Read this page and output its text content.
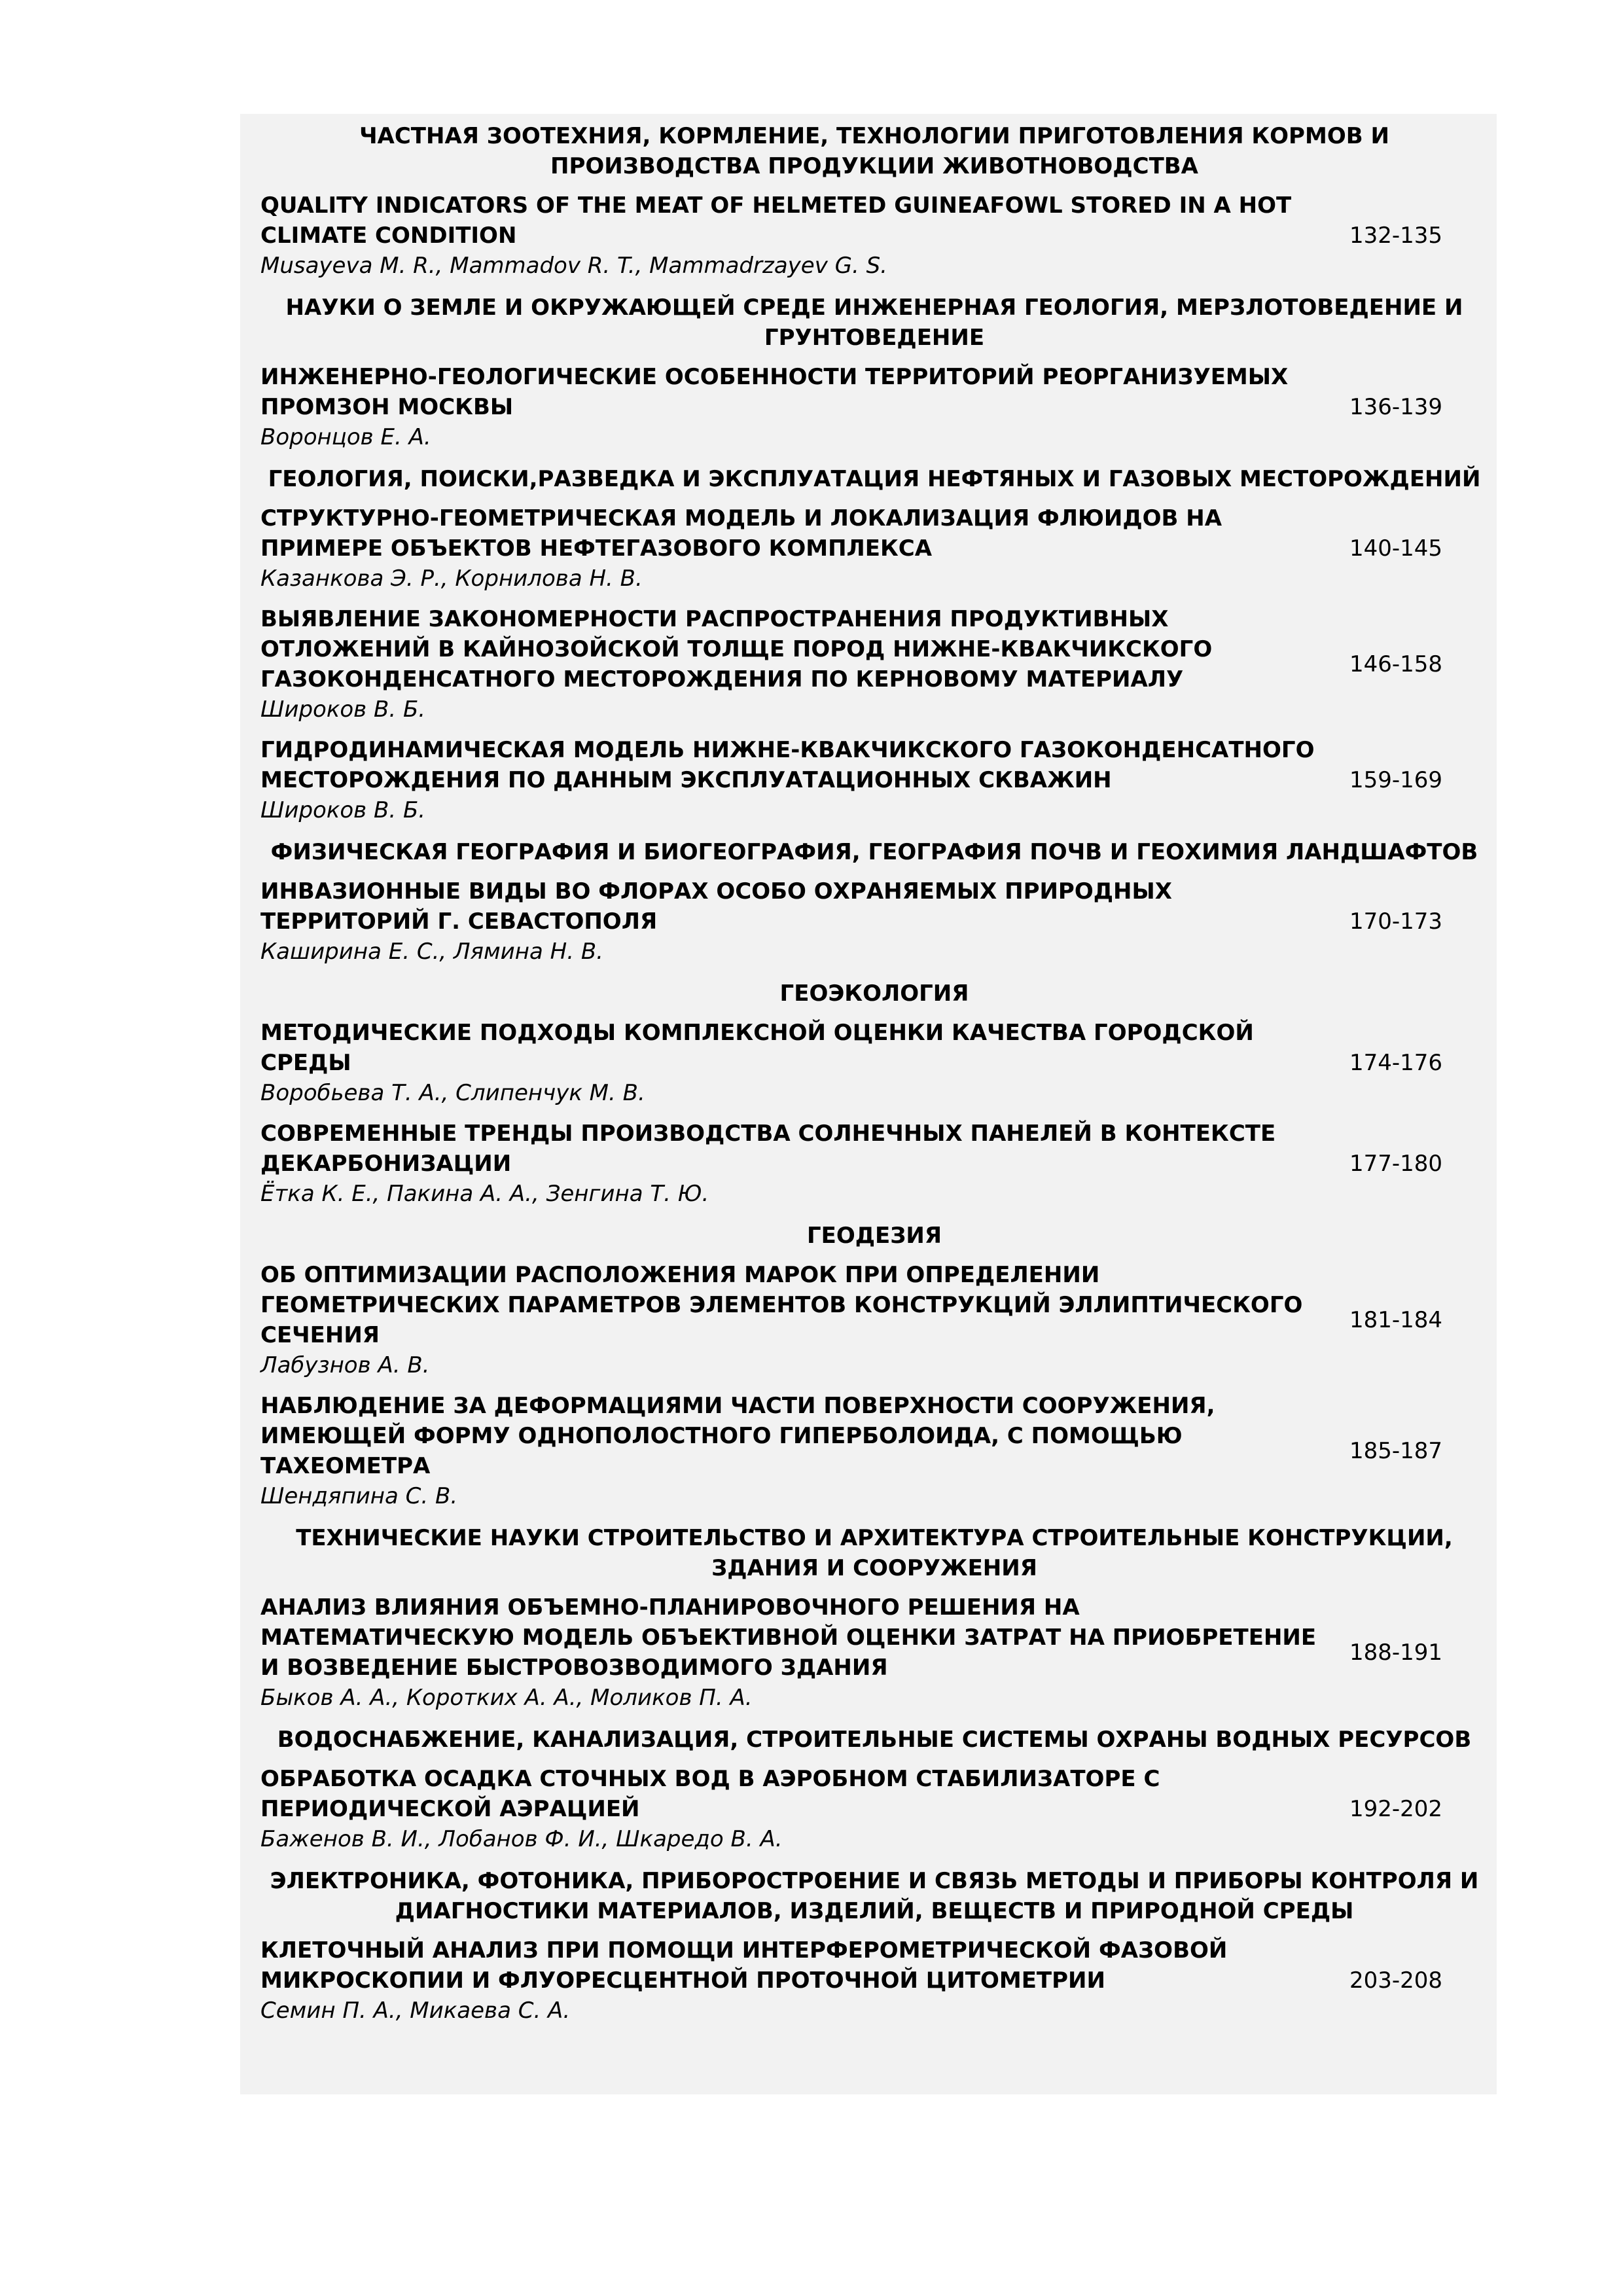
ЧАСТНАЯ ЗООТЕХНИЯ, КОРМЛЕНИЕ, ТЕХНОЛОГИИ ПРИГОТОВЛЕНИЯ КОРМОВ И ПРОИЗВОДСТВА ПРОДУКЦИИ ЖИВОТНОВОДСТВА
QUALITY INDICATORS OF THE MEAT OF HELMETED GUINEAFOWL STORED IN A HOT CLIMATE CONDITION
Musayeva M. R., Mammadov R. T., Mammadrzayev G. S.
132-135
НАУКИ О ЗЕМЛЕ И ОКРУЖАЮЩЕЙ СРЕДЕ ИНЖЕНЕРНАЯ ГЕОЛОГИЯ, МЕРЗЛОТОВЕДЕНИЕ И ГРУНТОВЕДЕНИЕ
ИНЖЕНЕРНО-ГЕОЛОГИЧЕСКИЕ ОСОБЕННОСТИ ТЕРРИТОРИЙ РЕОРГАНИЗУЕМЫХ ПРОМЗОН МОСКВЫ
Воронцов Е. А.
136-139
ГЕОЛОГИЯ, ПОИСКИ,РАЗВЕДКА И ЭКСПЛУАТАЦИЯ НЕФТЯНЫХ И ГАЗОВЫХ МЕСТОРОЖДЕНИЙ
СТРУКТУРНО-ГЕОМЕТРИЧЕСКАЯ МОДЕЛЬ И ЛОКАЛИЗАЦИЯ ФЛЮИДОВ НА ПРИМЕРЕ ОБЪЕКТОВ НЕФТЕГАЗОВОГО КОМПЛЕКСА
Казанкова Э. Р., Корнилова Н. В.
140-145
ВЫЯВЛЕНИЕ ЗАКОНОМЕРНОСТИ РАСПРОСТРАНЕНИЯ ПРОДУКТИВНЫХ ОТЛОЖЕНИЙ В КАЙНОЗОЙСКОЙ ТОЛЩЕ ПОРОД НИЖНЕ-КВАКЧИКСКОГО ГАЗОКОНДЕНСАТНОГО МЕСТОРОЖДЕНИЯ ПО КЕРНОВОМУ МАТЕРИАЛУ
Широков В. Б.
146-158
ГИДРОДИНАМИЧЕСКАЯ МОДЕЛЬ НИЖНЕ-КВАКЧИКСКОГО ГАЗОКОНДЕНСАТНОГО МЕСТОРОЖДЕНИЯ ПО ДАННЫМ ЭКСПЛУАТАЦИОННЫХ СКВАЖИН
Широков В. Б.
159-169
ФИЗИЧЕСКАЯ ГЕОГРАФИЯ И БИОГЕОГРАФИЯ, ГЕОГРАФИЯ ПОЧВ И ГЕОХИМИЯ ЛАНДШАФТОВ
ИНВАЗИОННЫЕ ВИДЫ ВО ФЛОРАХ ОСОБО ОХРАНЯЕМЫХ ПРИРОДНЫХ ТЕРРИТОРИЙ Г. СЕВАСТОПОЛЯ
Каширина Е. С., Лямина Н. В.
170-173
ГЕОЭКОЛОГИЯ
МЕТОДИЧЕСКИЕ ПОДХОДЫ КОМПЛЕКСНОЙ ОЦЕНКИ КАЧЕСТВА ГОРОДСКОЙ СРЕДЫ
Воробьева Т. А., Слипенчук М. В.
174-176
СОВРЕМЕННЫЕ ТРЕНДЫ ПРОИЗВОДСТВА СОЛНЕЧНЫХ ПАНЕЛЕЙ В КОНТЕКСТЕ ДЕКАРБОНИЗАЦИИ
Ётка К. Е., Пакина А. А., Зенгина Т. Ю.
177-180
ГЕОДЕЗИЯ
ОБ ОПТИМИЗАЦИИ РАСПОЛОЖЕНИЯ МАРОК ПРИ ОПРЕДЕЛЕНИИ ГЕОМЕТРИЧЕСКИХ ПАРАМЕТРОВ ЭЛЕМЕНТОВ КОНСТРУКЦИЙ ЭЛЛИПТИЧЕСКОГО СЕЧЕНИЯ
Лабузнов А. В.
181-184
НАБЛЮДЕНИЕ ЗА ДЕФОРМАЦИЯМИ ЧАСТИ ПОВЕРХНОСТИ СООРУЖЕНИЯ, ИМЕЮЩЕЙ ФОРМУ ОДНОПОЛОСТНОГО ГИПЕРБОЛОИДА, С ПОМОЩЬЮ ТАХЕОМЕТРА
Шендяпина С. В.
185-187
ТЕХНИЧЕСКИЕ НАУКИ СТРОИТЕЛЬСТВО И АРХИТЕКТУРА СТРОИТЕЛЬНЫЕ КОНСТРУКЦИИ, ЗДАНИЯ И СООРУЖЕНИЯ
АНАЛИЗ ВЛИЯНИЯ ОБЪЕМНО-ПЛАНИРОВОЧНОГО РЕШЕНИЯ НА МАТЕМАТИЧЕСКУЮ МОДЕЛЬ ОБЪЕКТИВНОЙ ОЦЕНКИ ЗАТРАТ НА ПРИОБРЕТЕНИЕ И ВОЗВЕДЕНИЕ БЫСТРОВОЗВОДИМОГО ЗДАНИЯ
Быков А. А., Коротких А. А., Моликов П. А.
188-191
ВОДОСНАБЖЕНИЕ, КАНАЛИЗАЦИЯ, СТРОИТЕЛЬНЫЕ СИСТЕМЫ ОХРАНЫ ВОДНЫХ РЕСУРСОВ
ОБРАБОТКА ОСАДКА СТОЧНЫХ ВОД В АЭРОБНОМ СТАБИЛИЗАТОРЕ С ПЕРИОДИЧЕСКОЙ АЭРАЦИЕЙ
Баженов В. И., Лобанов Ф. И., Шкаредо В. А.
192-202
ЭЛЕКТРОНИКА, ФОТОНИКА, ПРИБОРОСТРОЕНИЕ И СВЯЗЬ МЕТОДЫ И ПРИБОРЫ КОНТРОЛЯ И ДИАГНОСТИКИ МАТЕРИАЛОВ, ИЗДЕЛИЙ, ВЕЩЕСТВ И ПРИРОДНОЙ СРЕДЫ
КЛЕТОЧНЫЙ АНАЛИЗ ПРИ ПОМОЩИ ИНТЕРФЕРОМЕТРИЧЕСКОЙ ФАЗОВОЙ МИКРОСКОПИИ И ФЛУОРЕСЦЕНТНОЙ ПРОТОЧНОЙ ЦИТОМЕТРИИ
Семин П. А., Микаева С. А.
203-208
